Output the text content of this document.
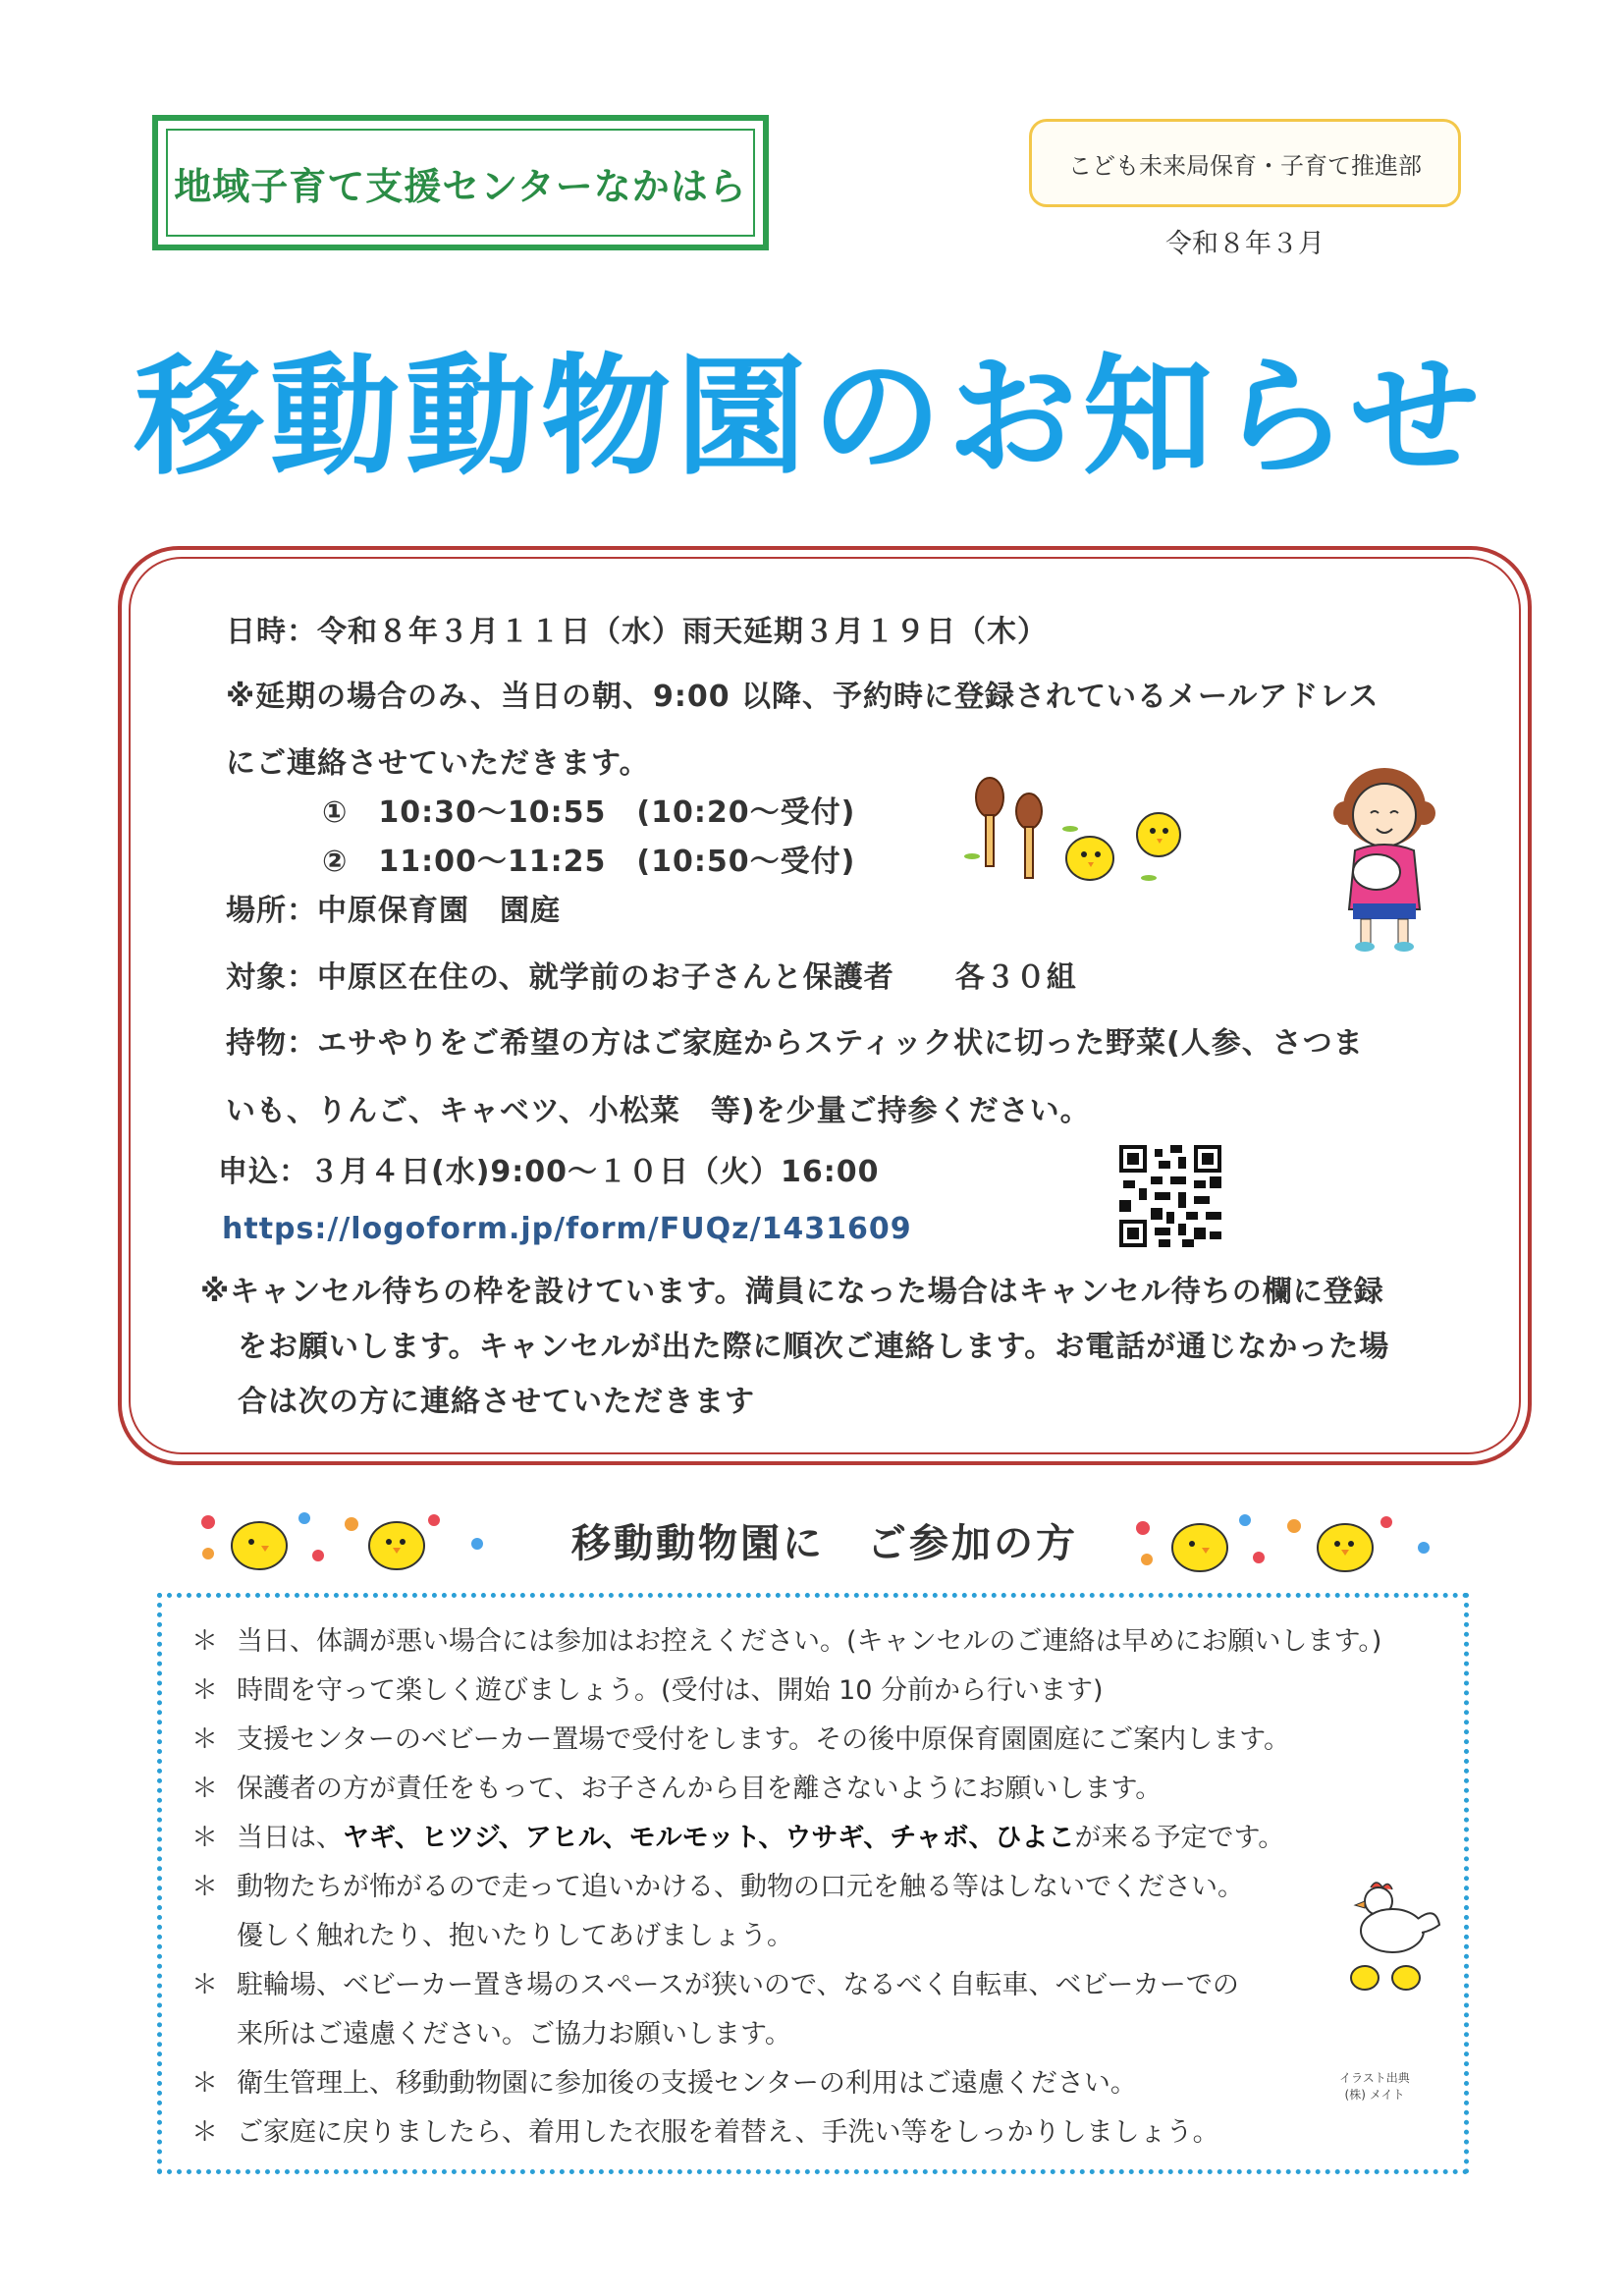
地域子育て支援センターなかはら	こども未来局保育・子育て推進部
令和８年３月
移動動物園のお知らせ
日時：令和８年３月１１日（水）雨天延期３月１９日（木）
※延期の場合のみ、当日の朝、9:00 以降、予約時に登録されているメールアドレス
にご連絡させていただきます。
①　10:30～10:55　(10:20～受付)
②　11:00～11:25　(10:50～受付)
場所：中原保育園　園庭
対象：中原区在住の、就学前のお子さんと保護者　　各３０組
持物：エサやりをご希望の方はご家庭からスティック状に切った野菜(人参、さつま
いも、りんご、キャベツ、小松菜　等)を少量ご持参ください。
申込：３月４日(水)9:00～１０日（火）16:00
https://logoform.jp/form/FUQz/1431609
※キャンセル待ちの枠を設けています。満員になった場合はキャンセル待ちの欄に登録
をお願いします。キャンセルが出た際に順次ご連絡します。お電話が通じなかった場
合は次の方に連絡させていただきます
移動動物園に　ご参加の方
＊ 当日、体調が悪い場合には参加はお控えください。(キャンセルのご連絡は早めにお願いします。)
＊ 時間を守って楽しく遊びましょう。(受付は、開始 10 分前から行います)
＊ 支援センターのベビーカー置場で受付をします。その後中原保育園園庭にご案内します。
＊ 保護者の方が責任をもって、お子さんから目を離さないようにお願いします。
＊ 当日は、ヤギ、ヒツジ、アヒル、モルモット、ウサギ、チャボ、ひよこが来る予定です。
＊ 動物たちが怖がるので走って追いかける、動物の口元を触る等はしないでください。
優しく触れたり、抱いたりしてあげましょう。
＊ 駐輪場、ベビーカー置き場のスペースが狭いので、なるべく自転車、ベビーカーでの
来所はご遠慮ください。ご協力お願いします。
＊ 衛生管理上、移動動物園に参加後の支援センターの利用はご遠慮ください。
＊ ご家庭に戻りましたら、着用した衣服を着替え、手洗い等をしっかりしましょう。
イラスト出典
(株) メイト
